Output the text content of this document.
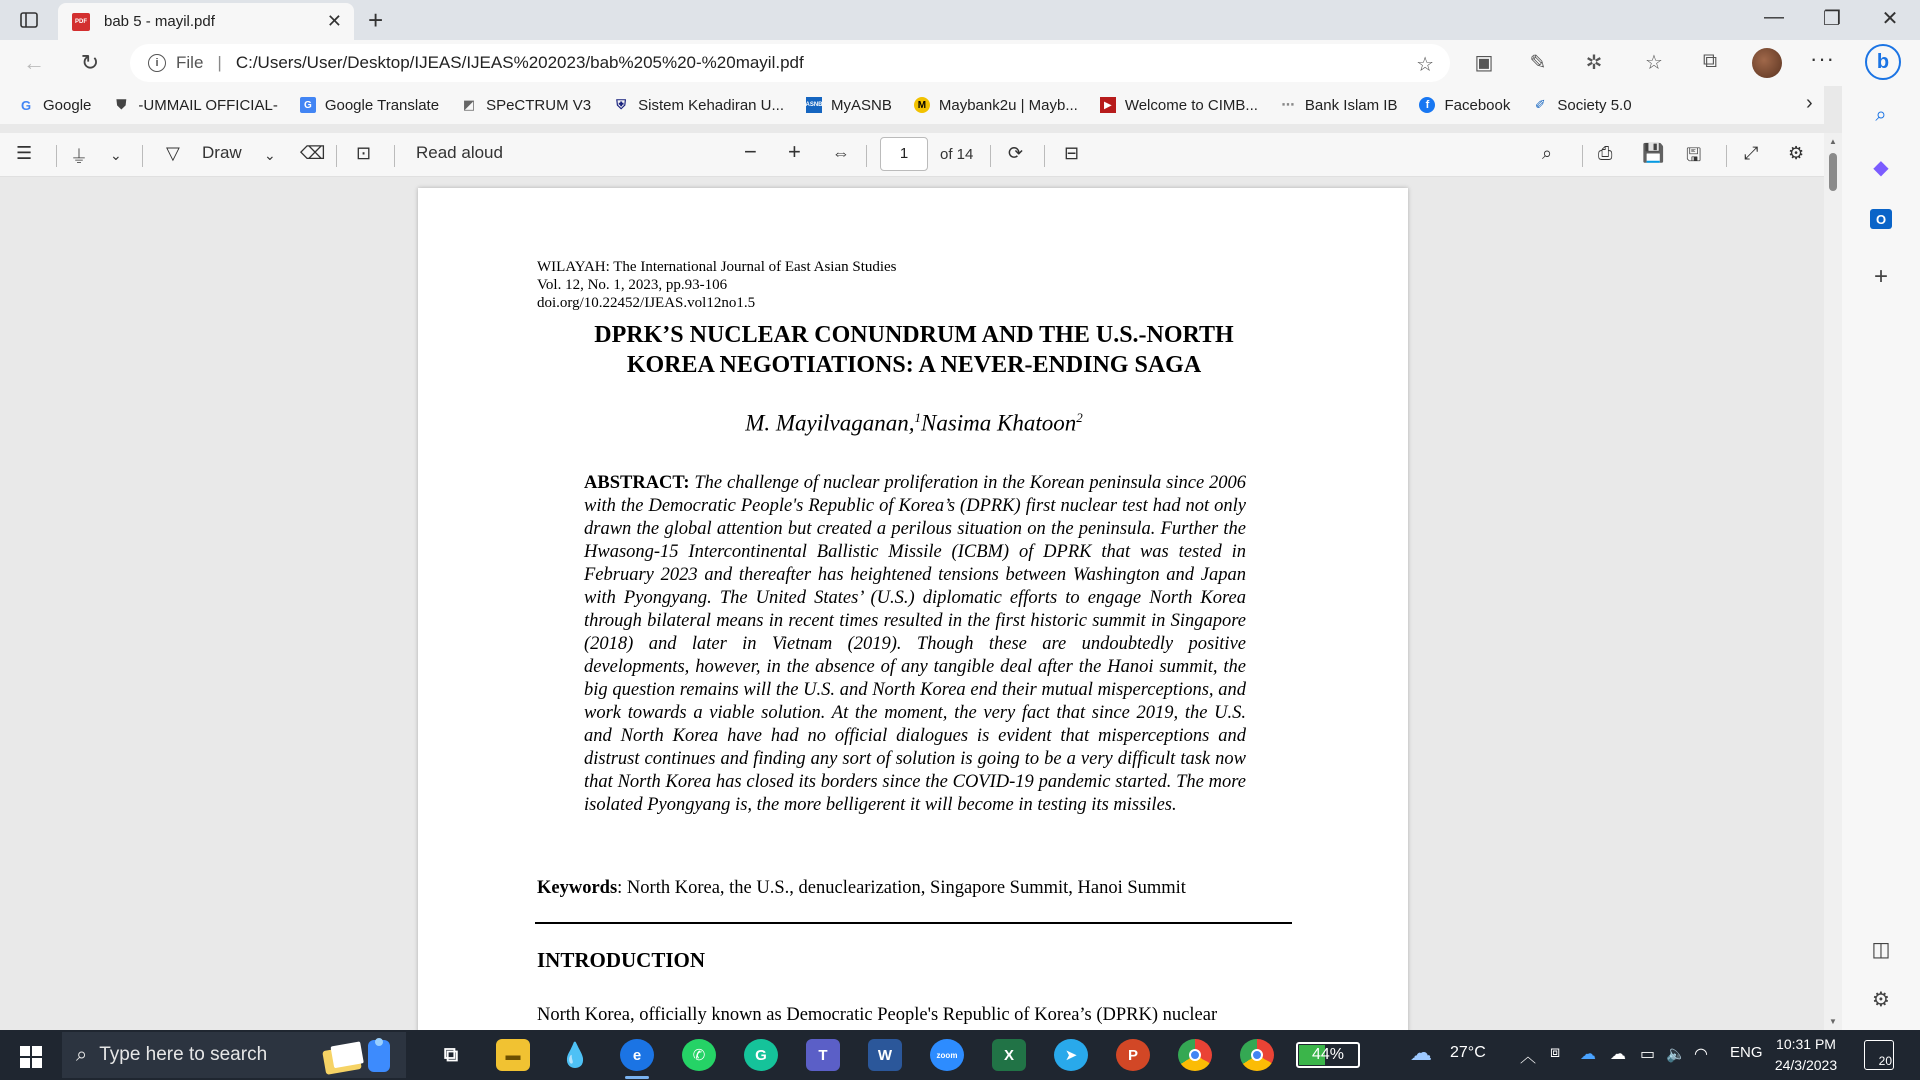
PDF bab 5 - mayil.pdf	✕ +	—	❐	✕
←	↻	i	File | C:/Users/User/Desktop/IJEAS/IJEAS%202023/bab%205%20-%20mayil.pdf	☆ ▣ ✎ ✲ ☆	⧉	···	b
G Google ⛊ -UMMAIL OFFICIAL-	G Google Translate ◩ SPeCTRUM V3 ⛨ Sistem Kehadiran U...	ASNB MyASNB	M Maybank2u | Mayb...	▶ Welcome to CIMB... ⋯ Bank Islam IB	f	Facebook ✐ Society 5.0	›
☰ ⏚ ⌄ ▽ Draw ⌄ ⌫ ⊡	Read aloud	− + ⇔	1	of 14 ⟳ ⊟	⌕	⎙ 💾 🖫 ⤢ ⚙
WILAYAH: The International Journal of East Asian Studies
Vol. 12, No. 1, 2023, pp.93-106
doi.org/10.22452/IJEAS.vol12no1.5
DPRK’S NUCLEAR CONUNDRUM AND THE U.S.-NORTH
KOREA NEGOTIATIONS: A NEVER-ENDING SAGA
M. Mayilvaganan,$^1$Nasima Khatoon$^2$
ABSTRACT: The challenge of nuclear proliferation in the Korean peninsula since 2006 with the Democratic People's Republic of Korea’s (DPRK) first nuclear test had not only drawn the global attention but created a perilous situation on the peninsula. Further the Hwasong-15 Intercontinental Ballistic Missile (ICBM) of DPRK that was tested in February 2023 and thereafter has heightened tensions between Washington and Japan with Pyongyang. The United States’ (U.S.) diplomatic efforts to engage North Korea through bilateral means in recent times resulted in the first historic summit in Singapore (2018) and later in Vietnam (2019). Though these are undoubtedly positive developments, however, in the absence of any tangible deal after the Hanoi summit, the big question remains will the U.S. and North Korea end their mutual misperceptions, and work towards a viable solution. At the moment, the very fact that since 2019, the U.S. and North Korea have had no official dialogues is evident that misperceptions and distrust continues and finding any sort of solution is going to be a very difficult task now that North Korea has closed its borders since the COVID-19 pandemic started. The more isolated Pyongyang is, the more belligerent it will become in testing its missiles.
Keywords: North Korea, the U.S., denuclearization, Singapore Summit, Hanoi Summit
INTRODUCTION
North Korea, officially known as Democratic People's Republic of Korea’s (DPRK) nuclear
▲
▼
⌕
◆
O
+
◫
⚙
⌕ Type here to search	⧉	▬	💧	e	✆	G	T	W	zoom	X	➤	P	44%	☁ 27°C ︿ ⧈ ☁ ☁ ▭ 🔈 ◠ ENG 10:31 PM
24/3/2023	20
